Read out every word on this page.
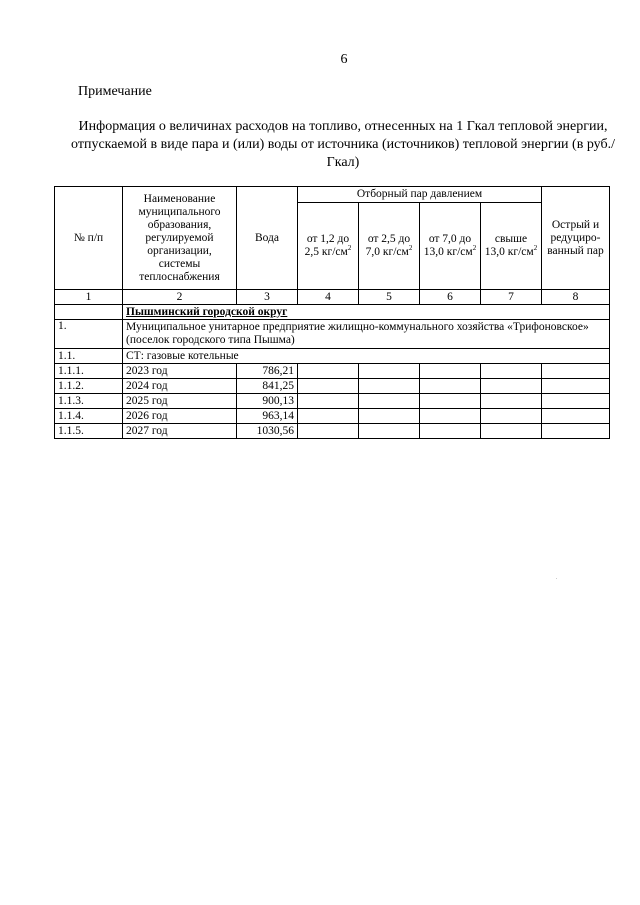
6
Примечание
Информация о величинах расходов на топливо, отнесенных на 1 Гкал тепловой энергии, отпускаемой в виде пара и (или) воды от источника (источников) тепловой энергии (в руб./Гкал)
№ п/п	Наименование муниципального образования, регулируемой организации, системы теплоснабжения	Вода	Отборный пар давлением				Острый и редуциро-ванный пар
			от 1,2 до 2,5 $кг/см^2$	от 2,5 до 7,0 $кг/см^2$	от 7,0 до 13,0 $кг/см^2$	свыше 13,0 $кг/см^2$
1	2	3	4	5	6	7	8
	Пышминский городской округ						
1.	Муниципальное унитарное предприятие жилищно-коммунального хозяйства «Трифоновское» (поселок городского типа Пышма)						
1.1.	СТ: газовые котельные						
1.1.1.	2023 год	786,21					
1.1.2.	2024 год	841,25					
1.1.3.	2025 год	900,13					
1.1.4.	2026 год	963,14					
1.1.5.	2027 год	1030,56					
